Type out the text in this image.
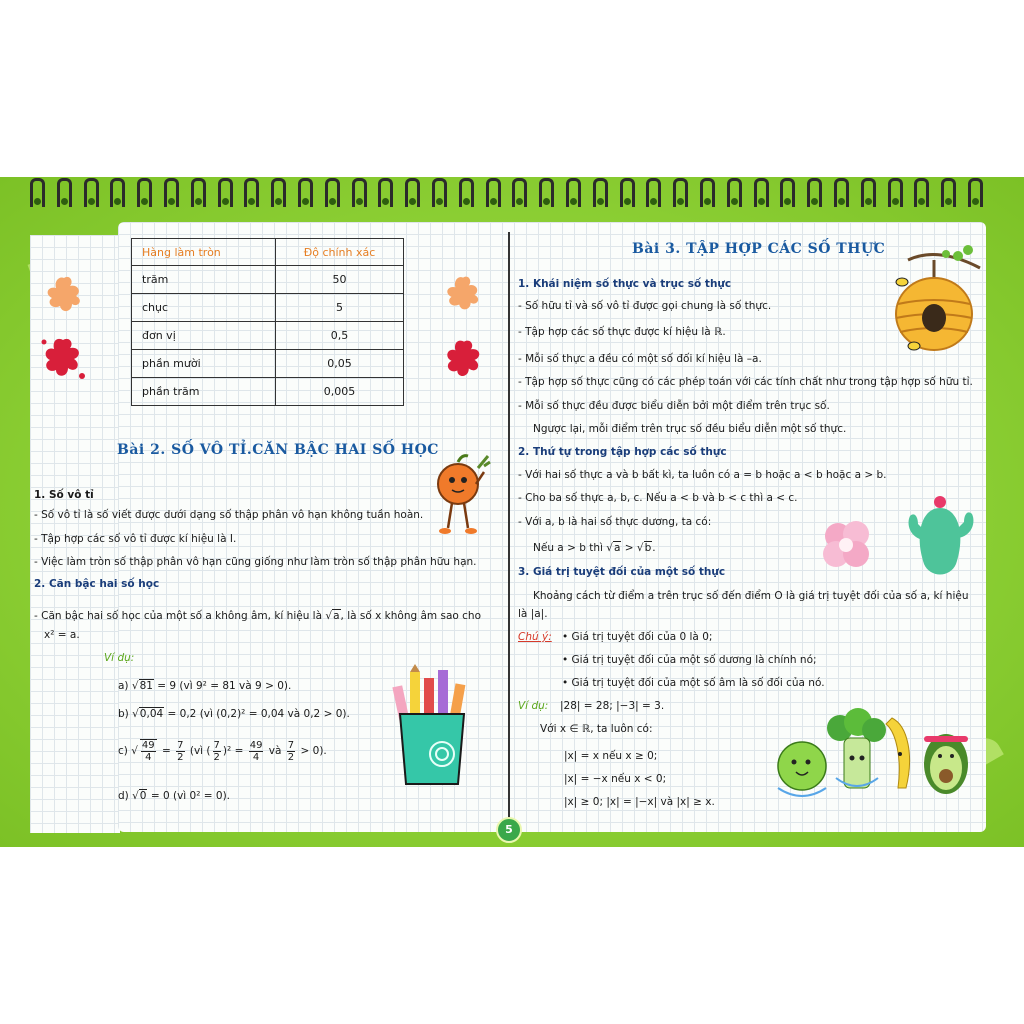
Hàng làm tròn	Độ chính xác
trăm	50
chục	5
đơn vị	0,5
phần mười	0,05
phần trăm	0,005
Bài 2. SỐ VÔ TỈ.CĂN BẬC HAI SỐ HỌC
1. Số vô tỉ
- Số vô tỉ là số viết được dưới dạng số thập phân vô hạn không tuần hoàn.
- Tập hợp các số vô tỉ được kí hiệu là I.
- Việc làm tròn số thập phân vô hạn cũng giống như làm tròn số thập phân hữu hạn.
2. Căn bậc hai số học
- Căn bậc hai số học của một số a không âm, kí hiệu là √a, là số x không âm sao cho
x² = a.
Ví dụ:
a) √81 = 9 (vì 9² = 81 và 9 > 0).
b) √0,04 = 0,2 (vì (0,2)² = 0,04 và 0,2 > 0).
c) √ $\frac{49}{4} = \frac{7}{2}$ (vì ( $\frac{7}{2} )^2 = \frac{49}{4}$ và $\frac{7}{2} > 0$).
d) √0 = 0 (vì 0² = 0).
Bài 3. TẬP HỢP CÁC SỐ THỰC
1. Khái niệm số thực và trục số thực
- Số hữu tỉ và số vô tỉ được gọi chung là số thực.
- Tập hợp các số thực được kí hiệu là ℝ.
- Mỗi số thực a đều có một số đối kí hiệu là –a.
- Tập hợp số thực cũng có các phép toán với các tính chất như trong tập hợp số hữu tỉ.
- Mỗi số thực đều được biểu diễn bởi một điểm trên trục số.
Ngược lại, mỗi điểm trên trục số đều biểu diễn một số thực.
2. Thứ tự trong tập hợp các số thực
- Với hai số thực a và b bất kì, ta luôn có a = b hoặc a < b hoặc a > b.
- Cho ba số thực a, b, c. Nếu a < b và b < c thì a < c.
- Với a, b là hai số thực dương, ta có:
Nếu a > b thì √a > √b.
3. Giá trị tuyệt đối của một số thực
Khoảng cách từ điểm a trên trục số đến điểm O là giá trị tuyệt đối của số a, kí hiệu
là |a|.
Chú ý: • Giá trị tuyệt đối của 0 là 0;
• Giá trị tuyệt đối của một số dương là chính nó;
• Giá trị tuyệt đối của một số âm là số đối của nó.
Ví dụ: |28| = 28; |−3| = 3.
Với x ∈ ℝ, ta luôn có:
|x| = x nếu x ≥ 0;
|x| = −x nếu x < 0;
|x| ≥ 0; |x| = |−x| và |x| ≥ x.
5
